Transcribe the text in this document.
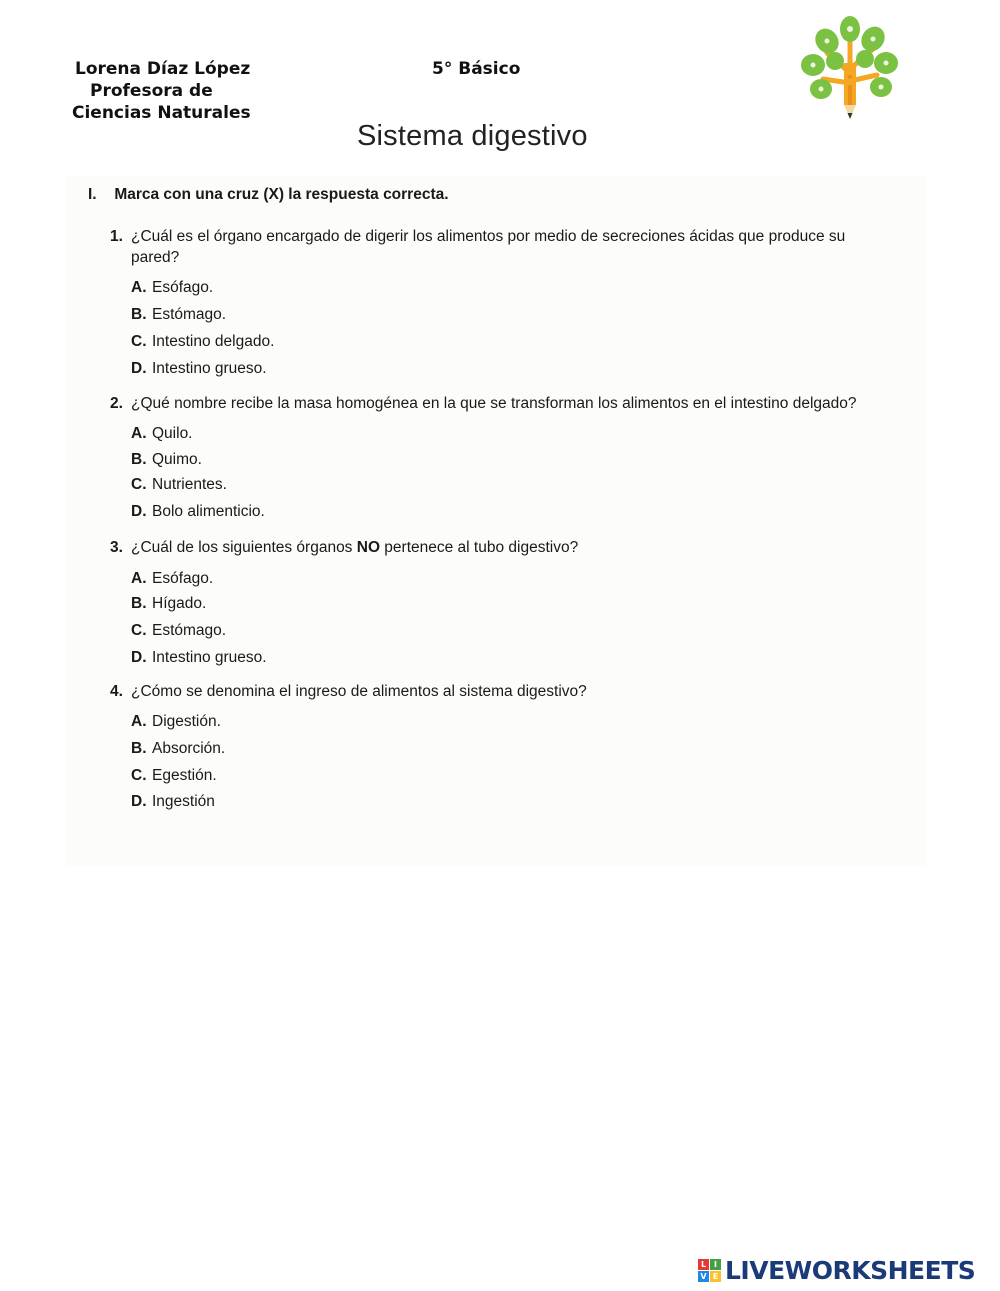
Lorena Díaz López
Profesora de
Ciencias Naturales
5° Básico
Sistema digestivo
I. Marca con una cruz (X) la respuesta correcta.
1. ¿Cuál es el órgano encargado de digerir los alimentos por medio de secreciones ácidas que produce su pared?
A. Esófago.
B. Estómago.
C. Intestino delgado.
D. Intestino grueso.
2. ¿Qué nombre recibe la masa homogénea en la que se transforman los alimentos en el intestino delgado?
A. Quilo.
B. Quimo.
C. Nutrientes.
D. Bolo alimenticio.
3. ¿Cuál de los siguientes órganos NO pertenece al tubo digestivo?
A. Esófago.
B. Hígado.
C. Estómago.
D. Intestino grueso.
4. ¿Cómo se denomina el ingreso de alimentos al sistema digestivo?
A. Digestión.
B. Absorción.
C. Egestión.
D. Ingestión
L I
V E LIVEWORKSHEETS
